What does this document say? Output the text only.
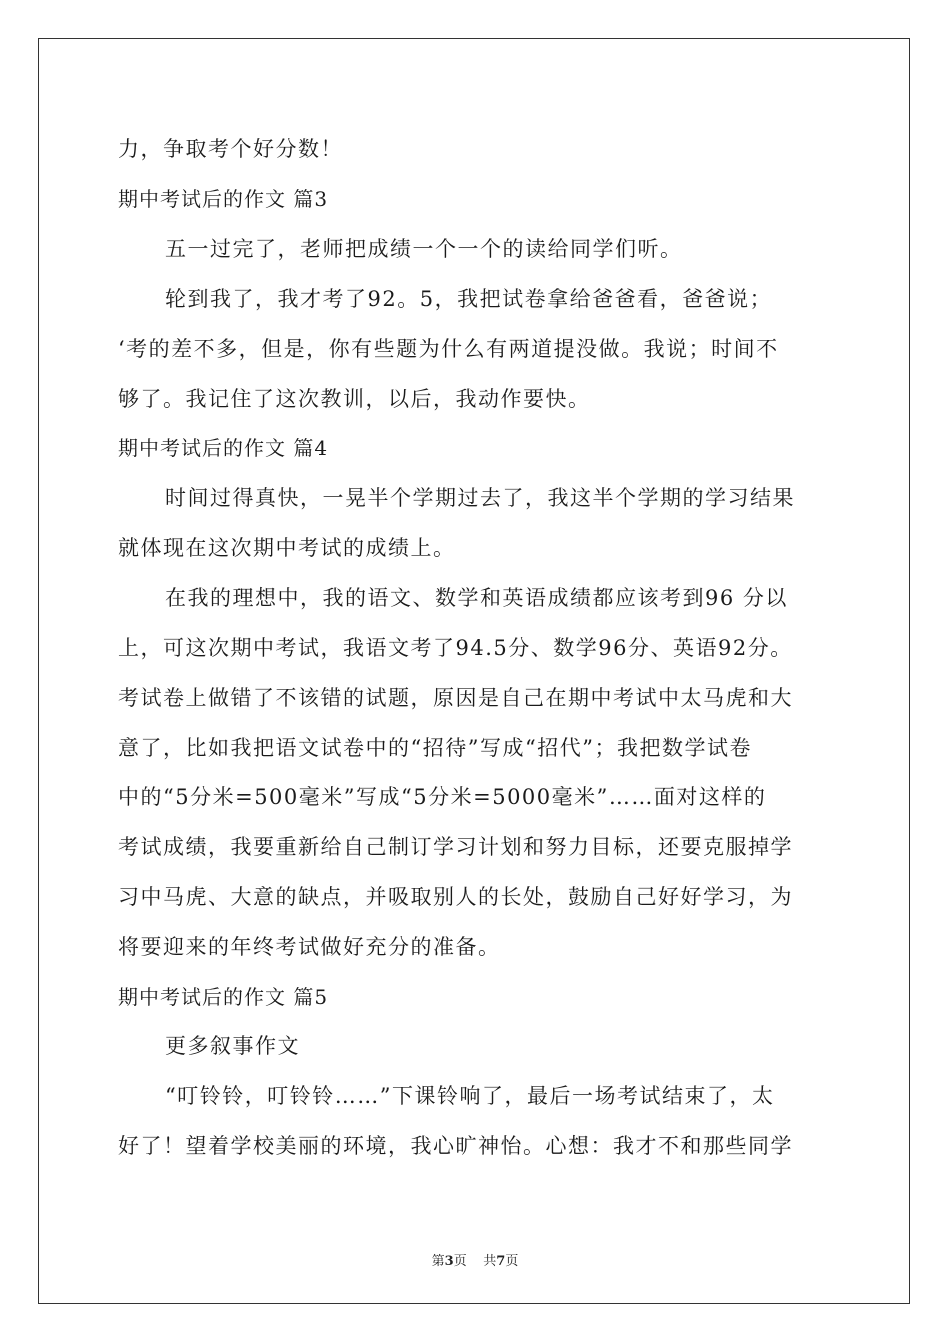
力，争取考个好分数！
期中考试后的作文 篇3
五一过完了，老师把成绩一个一个的读给同学们听。
轮到我了，我才考了92。5，我把试卷拿给爸爸看，爸爸说；
‘考的差不多，但是，你有些题为什么有两道提没做。我说；时间不
够了。我记住了这次教训，以后，我动作要快。
期中考试后的作文 篇4
时间过得真快，一晃半个学期过去了，我这半个学期的学习结果
就体现在这次期中考试的成绩上。
在我的理想中，我的语文、数学和英语成绩都应该考到96 分以
上，可这次期中考试，我语文考了94.5分、数学96分、英语92分。
考试卷上做错了不该错的试题，原因是自己在期中考试中太马虎和大
意了，比如我把语文试卷中的“招待”写成“招代”；我把数学试卷
中的“5分米=500毫米”写成“5分米=5000毫米”……面对这样的
考试成绩，我要重新给自己制订学习计划和努力目标，还要克服掉学
习中马虎、大意的缺点，并吸取别人的长处，鼓励自己好好学习，为
将要迎来的年终考试做好充分的准备。
期中考试后的作文 篇5
更多叙事作文
“叮铃铃，叮铃铃……”下课铃响了，最后一场考试结束了，太
好了！望着学校美丽的环境，我心旷神怡。心想：我才不和那些同学
第3页 共7页
